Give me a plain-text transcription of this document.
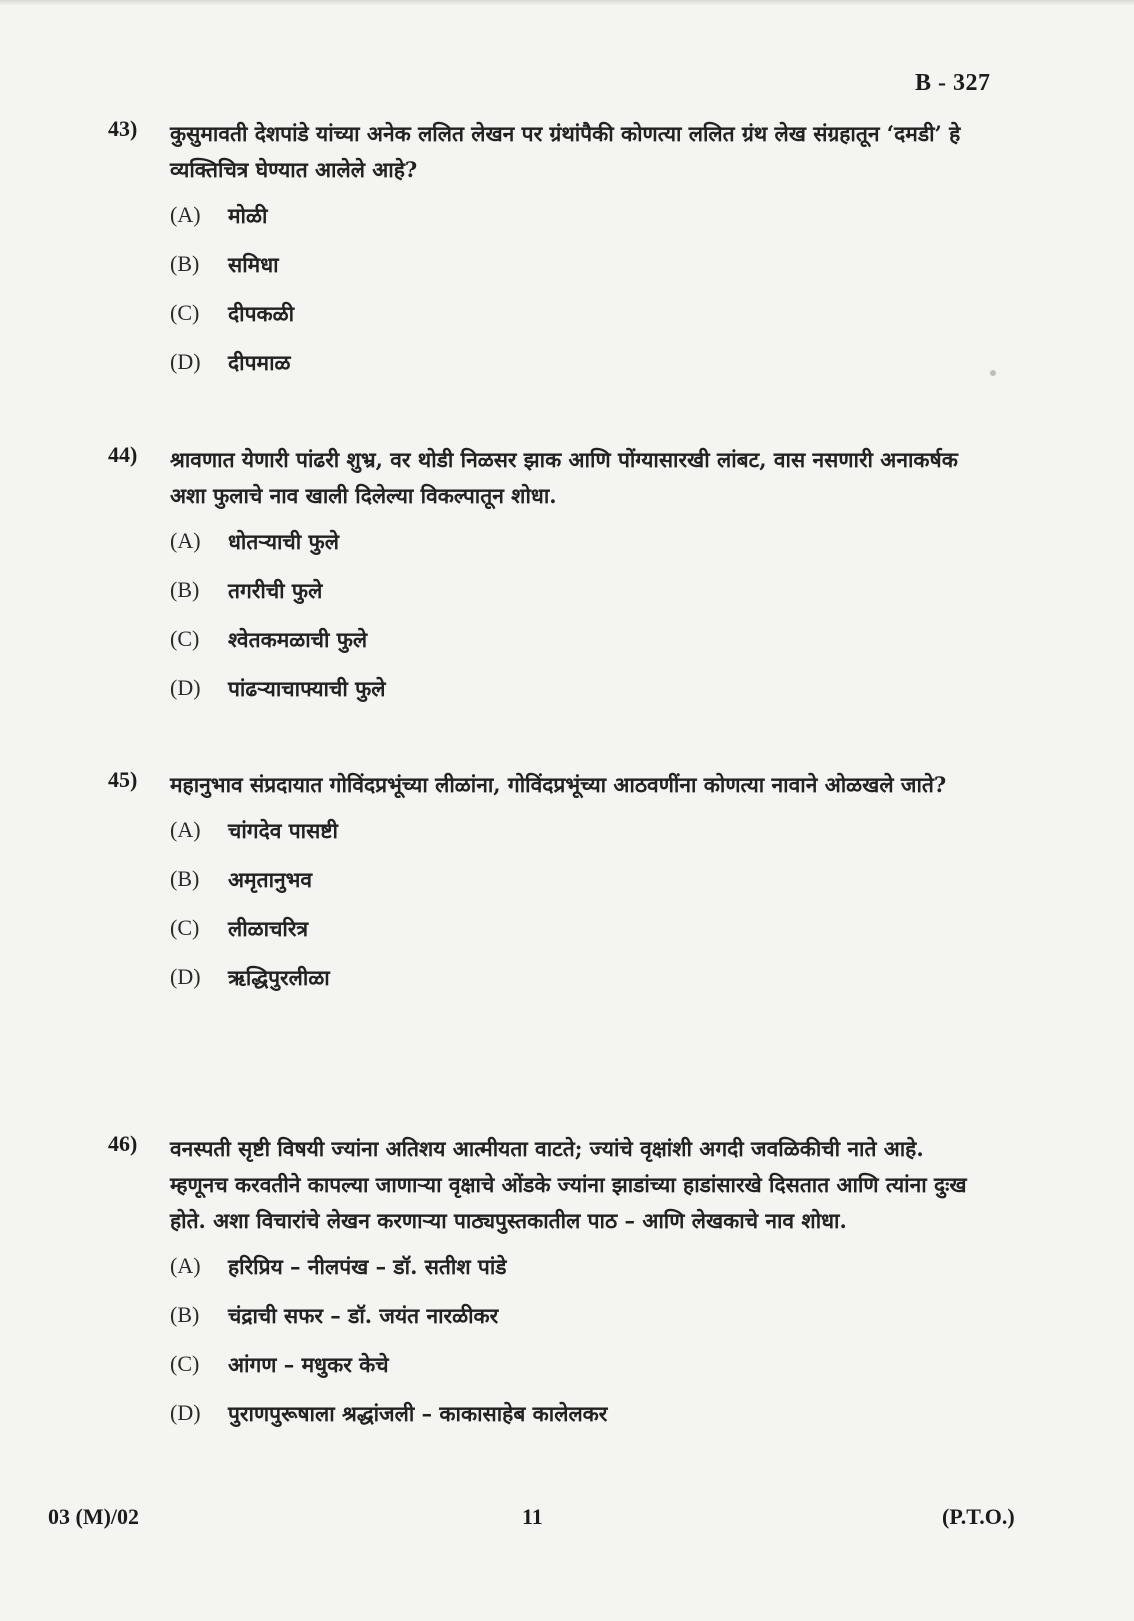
B - 327
43) कुसुमावती देशपांडे यांच्या अनेक ललित लेखन पर ग्रंथांपैकी कोणत्या ललित ग्रंथ लेख संग्रहातून ‘दमडी’ हे व्यक्तिचित्र घेण्यात आलेले आहे?
(A)	मोळी
(B)	समिधा
(C)	दीपकळी
(D)	दीपमाळ
44) श्रावणात येणारी पांढरी शुभ्र, वर थोडी निळसर झाक आणि पोंग्यासारखी लांबट, वास नसणारी अनाकर्षक अशा फुलाचे नाव खाली दिलेल्या विकल्पातून शोधा.
(A)	धोतऱ्याची फुले
(B)	तगरीची फुले
(C)	श्वेतकमळाची फुले
(D)	पांढऱ्याचाफ्याची फुले
45) महानुभाव संप्रदायात गोविंदप्रभूंच्या लीळांना, गोविंदप्रभूंच्या आठवणींना कोणत्या नावाने ओळखले जाते?
(A)	चांगदेव पासष्टी
(B)	अमृतानुभव
(C)	लीळाचरित्र
(D)	ऋद्धिपुरलीळा
46) वनस्पती सृष्टी विषयी ज्यांना अतिशय आत्मीयता वाटते; ज्यांचे वृक्षांशी अगदी जवळिकीची नाते आहे. म्हणूनच करवतीने कापल्या जाणाऱ्या वृक्षाचे ओंडके ज्यांना झाडांच्या हाडांसारखे दिसतात आणि त्यांना दुःख होते. अशा विचारांचे लेखन करणाऱ्या पाठ्यपुस्तकातील पाठ – आणि लेखकाचे नाव शोधा.
(A)	हरिप्रिय – नीलपंख – डॉ. सतीश पांडे
(B)	चंद्राची सफर – डॉ. जयंत नारळीकर
(C)	आंगण – मधुकर केचे
(D)	पुराणपुरूषाला श्रद्धांजली – काकासाहेब कालेलकर
03 (M)/02	11	(P.T.O.)
